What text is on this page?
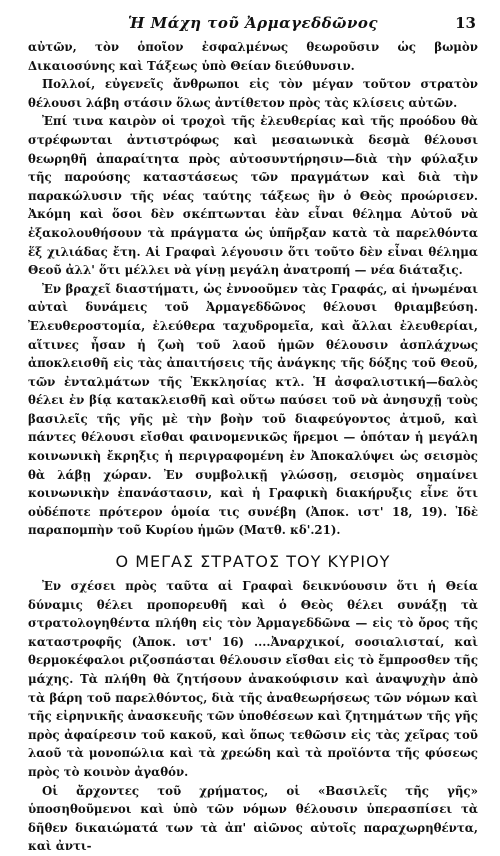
Ἡ Μάχη τοῦ Ἀρμαγεδδῶνος	13

αὐτῶν, τὸν ὁποῖον ἐσφαλμένως θεωροῦσιν ὡς βωμὸν Δικαιοσύνης καὶ Τάξεως ὑπὸ Θείαν διεύθυνσιν.

Πολλοί, εὐγενεῖς ἄνθρωποι εἰς τὸν μέγαν τοῦτον στρατὸν θέλουσι λάβη στάσιν ὅλως ἀντίθετον πρὸς τὰς κλίσεις αὐτῶν.

Ἐπί τινα καιρὸν οἱ τροχοὶ τῆς ἐλευθερίας καὶ τῆς προόδου θὰ στρέφωνται ἀντιστρόφως καὶ μεσαιωνικὰ δεσμὰ θέλουσι θεωρηθῆ ἀπαραίτητα πρὸς αὐτοσυντήρησιν—διὰ τὴν φύλαξιν τῆς παρούσης καταστάσεως τῶν πραγμάτων καὶ διὰ τὴν παρακώλυσιν τῆς νέας ταύτης τάξεως ἣν ὁ Θεὸς προώρισεν. Ἀκόμη καὶ ὅσοι δὲν σκέπτωνται ἐὰν εἶναι θέλημα Αὐτοῦ νὰ ἐξακολουθήσουν τὰ πράγματα ὡς ὑπῆρξαν κατὰ τὰ παρελθόντα ἕξ χιλιάδας ἔτη. Αἱ Γραφαὶ λέγουσιν ὅτι τοῦτο δὲν εἶναι θέλημα Θεοῦ ἀλλ' ὅτι μέλλει νὰ γίνῃ μεγάλη ἀνατροπή — νέα διάταξις.

Ἐν βραχεῖ διαστήματι, ὡς ἐννοοῦμεν τὰς Γραφάς, αἱ ἡνωμέναι αὐταὶ δυνάμεις τοῦ Ἀρμαγεδδῶνος θέλουσι θριαμβεύση. Ἐλευθεροστομία, ἐλεύθερα ταχυδρομεῖα, καὶ ἄλλαι ἐλευθερίαι, αἵτινες ἦσαν ἡ ζωὴ τοῦ λαοῦ ἡμῶν θέλουσιν ἀσπλάχνως ἀποκλεισθῆ εἰς τὰς ἀπαιτήσεις τῆς ἀνάγκης τῆς δόξης τοῦ Θεοῦ, τῶν ἐνταλμάτων τῆς Ἐκκλησίας κτλ. Ἡ ἀσφαλιστική—δαλὸς θέλει ἐν βίᾳ κατακλεισθῆ καὶ οὕτω παύσει τοῦ νὰ ἀνησυχῇ τοὺς βασιλεῖς τῆς γῆς μὲ τὴν βοὴν τοῦ διαφεύγοντος ἀτμοῦ, καὶ πάντες θέλουσι εἴσθαι φαινομενικῶς ἥρεμοι — ὁπόταν ἡ μεγάλη κοινωνικὴ ἔκρηξις ἡ περιγραφομένη ἐν Ἀποκαλύψει ὡς σεισμὸς θὰ λάβῃ χώραν. Ἐν συμβολικῇ γλώσσῃ, σεισμὸς σημαίνει κοινωνικὴν ἐπανάστασιν, καὶ ἡ Γραφικὴ διακήρυξις εἶνε ὅτι οὐδέποτε πρότερον ὁμοία τις συνέβη (Ἀποκ. ιστ' 18, 19). Ἰδὲ παραπομπὴν τοῦ Κυρίου ἡμῶν (Ματθ. κδ'.21).

Ο ΜΕΓΑΣ ΣΤΡΑΤΟΣ ΤΟΥ ΚΥΡΙΟΥ

Ἐν σχέσει πρὸς ταῦτα αἱ Γραφαὶ δεικνύουσιν ὅτι ἡ Θεία δύναμις θέλει προπορευθῆ καὶ ὁ Θεὸς θέλει συνάξῃ τὰ στρατολογηθέντα πλήθη εἰς τὸν Ἀρμαγεδδῶνα — εἰς τὸ ὄρος τῆς καταστροφῆς (Ἀποκ. ιστ' 16) ....Ἀναρχικοί, σοσιαλισταί, καὶ θερμοκέφαλοι ριζοσπάσται θέλουσιν εἴσθαι εἰς τὸ ἔμπροσθεν τῆς μάχης. Τὰ πλήθη θὰ ζητήσουν ἀνακούφισιν καὶ ἀναψυχὴν ἀπὸ τὰ βάρη τοῦ παρελθόντος, διὰ τῆς ἀναθεωρήσεως τῶν νόμων καὶ τῆς εἰρηνικῆς ἀνασκευῆς τῶν ὑποθέσεων καὶ ζητημάτων τῆς γῆς πρὸς ἀφαίρεσιν τοῦ κακοῦ, καὶ ὅπως τεθῶσιν εἰς τὰς χεῖρας τοῦ λαοῦ τὰ μονοπώλια καὶ τὰ χρεώδη καὶ τὰ προϊόντα τῆς φύσεως πρὸς τὸ κοινὸν ἀγαθόν.

Οἱ ἄρχοντες τοῦ χρήματος, οἱ «Βασιλεῖς τῆς γῆς» ὑποσηθοῦμενοι καὶ ὑπὸ τῶν νόμων θέλουσιν ὑπερασπίσει τὰ δῆθεν δικαιώματά των τὰ ἀπ' αἰῶνος αὐτοῖς παραχωρηθέντα, καὶ ἀντι-
